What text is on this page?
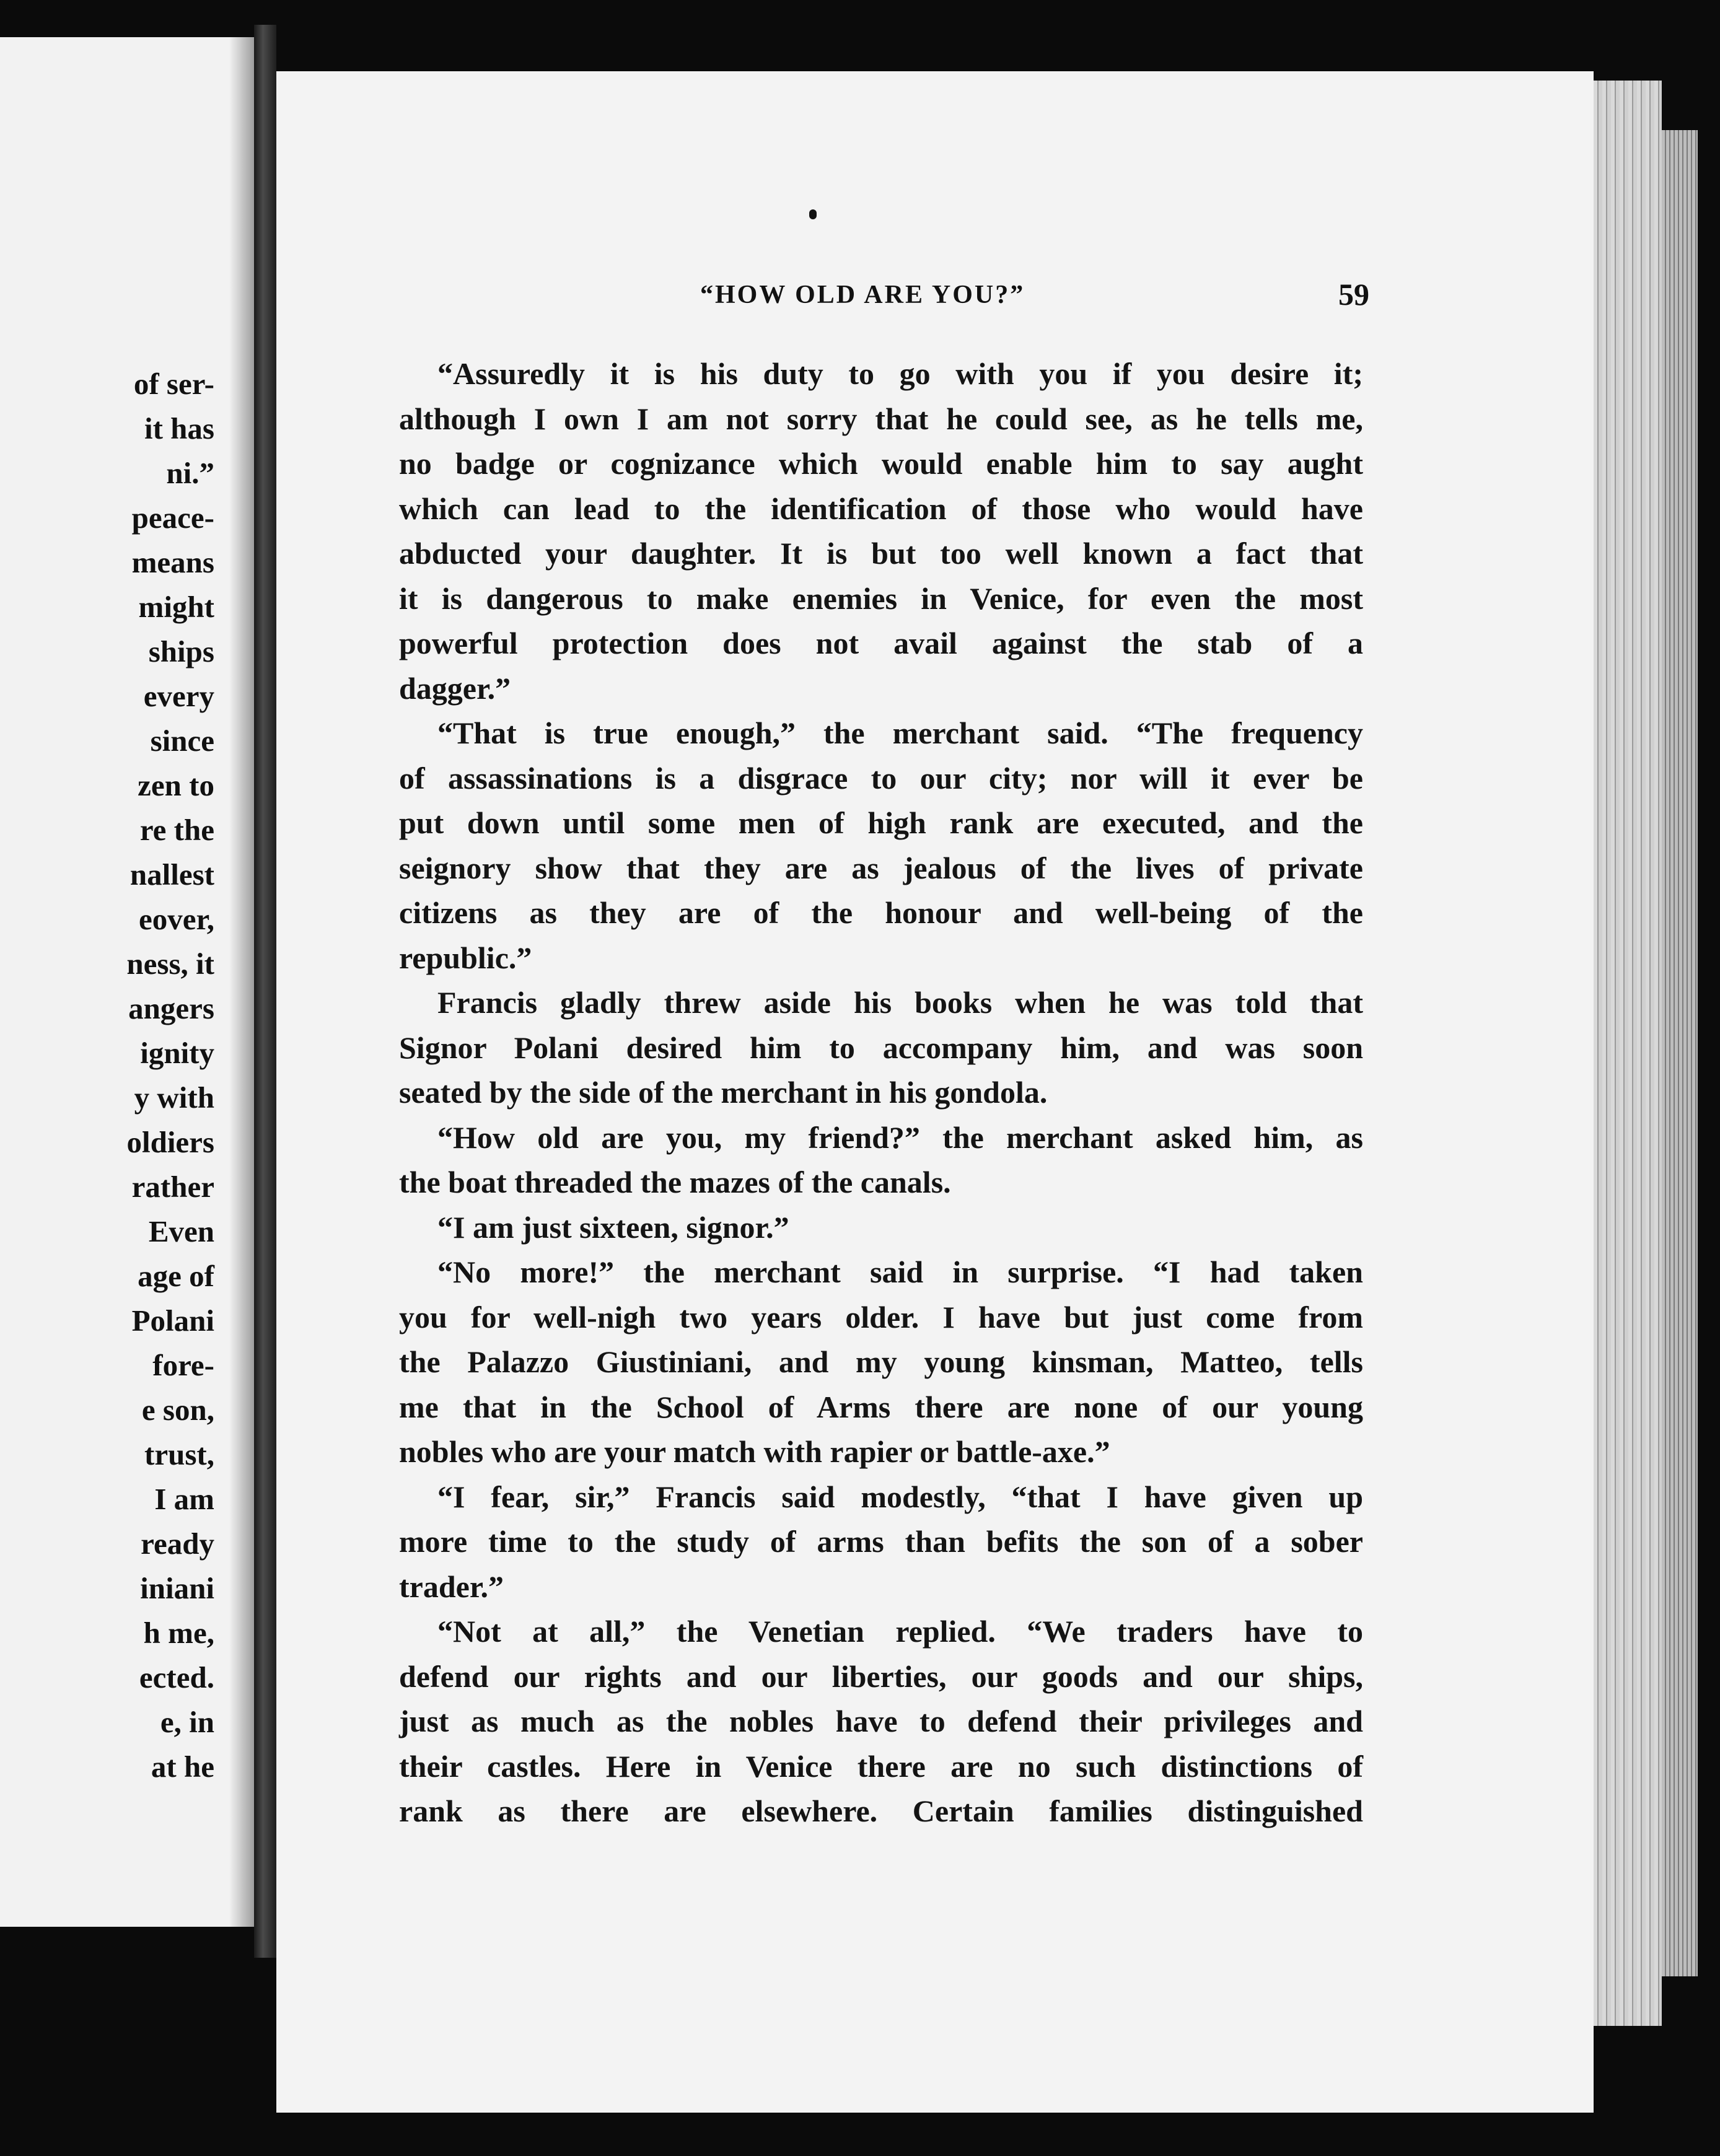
of ser-
it has
ni.”
peace-
means
might
ships
every
since
zen to
re the
nallest
eover,
ness, it
angers
ignity
y with
oldiers
rather
Even
age of
Polani
fore-
e son,
trust,
I am
ready
iniani
h me,
ected.
e, in
at he
“HOW OLD ARE YOU?”	59
“Assuredly it is his duty to go with you if you desire it;
although I own I am not sorry that he could see, as he tells me,
no badge or cognizance which would enable him to say aught
which can lead to the identification of those who would have
abducted your daughter. It is but too well known a fact that
it is dangerous to make enemies in Venice, for even the most
powerful protection does not avail against the stab of a
dagger.”
“That is true enough,” the merchant said. “The frequency
of assassinations is a disgrace to our city; nor will it ever be
put down until some men of high rank are executed, and the
seignory show that they are as jealous of the lives of private
citizens as they are of the honour and well-being of the
republic.”
Francis gladly threw aside his books when he was told that
Signor Polani desired him to accompany him, and was soon
seated by the side of the merchant in his gondola.
“How old are you, my friend?” the merchant asked him, as
the boat threaded the mazes of the canals.
“I am just sixteen, signor.”
“No more!” the merchant said in surprise. “I had taken
you for well-nigh two years older. I have but just come from
the Palazzo Giustiniani, and my young kinsman, Matteo, tells
me that in the School of Arms there are none of our young
nobles who are your match with rapier or battle-axe.”
“I fear, sir,” Francis said modestly, “that I have given up
more time to the study of arms than befits the son of a sober
trader.”
“Not at all,” the Venetian replied. “We traders have to
defend our rights and our liberties, our goods and our ships,
just as much as the nobles have to defend their privileges and
their castles. Here in Venice there are no such distinctions of
rank as there are elsewhere. Certain families distinguished
